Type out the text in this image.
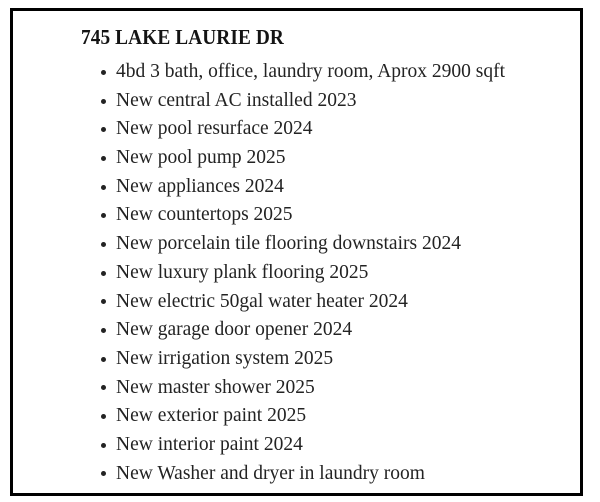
745 LAKE LAURIE DR
4bd 3 bath, office, laundry room, Aprox 2900 sqft
New central AC installed 2023
New pool resurface 2024
New pool pump 2025
New appliances 2024
New countertops 2025
New porcelain tile flooring downstairs 2024
New luxury plank flooring 2025
New electric 50gal water heater 2024
New garage door opener 2024
New irrigation system 2025
New master shower 2025
New exterior paint 2025
New interior paint 2024
New Washer and dryer in laundry room
